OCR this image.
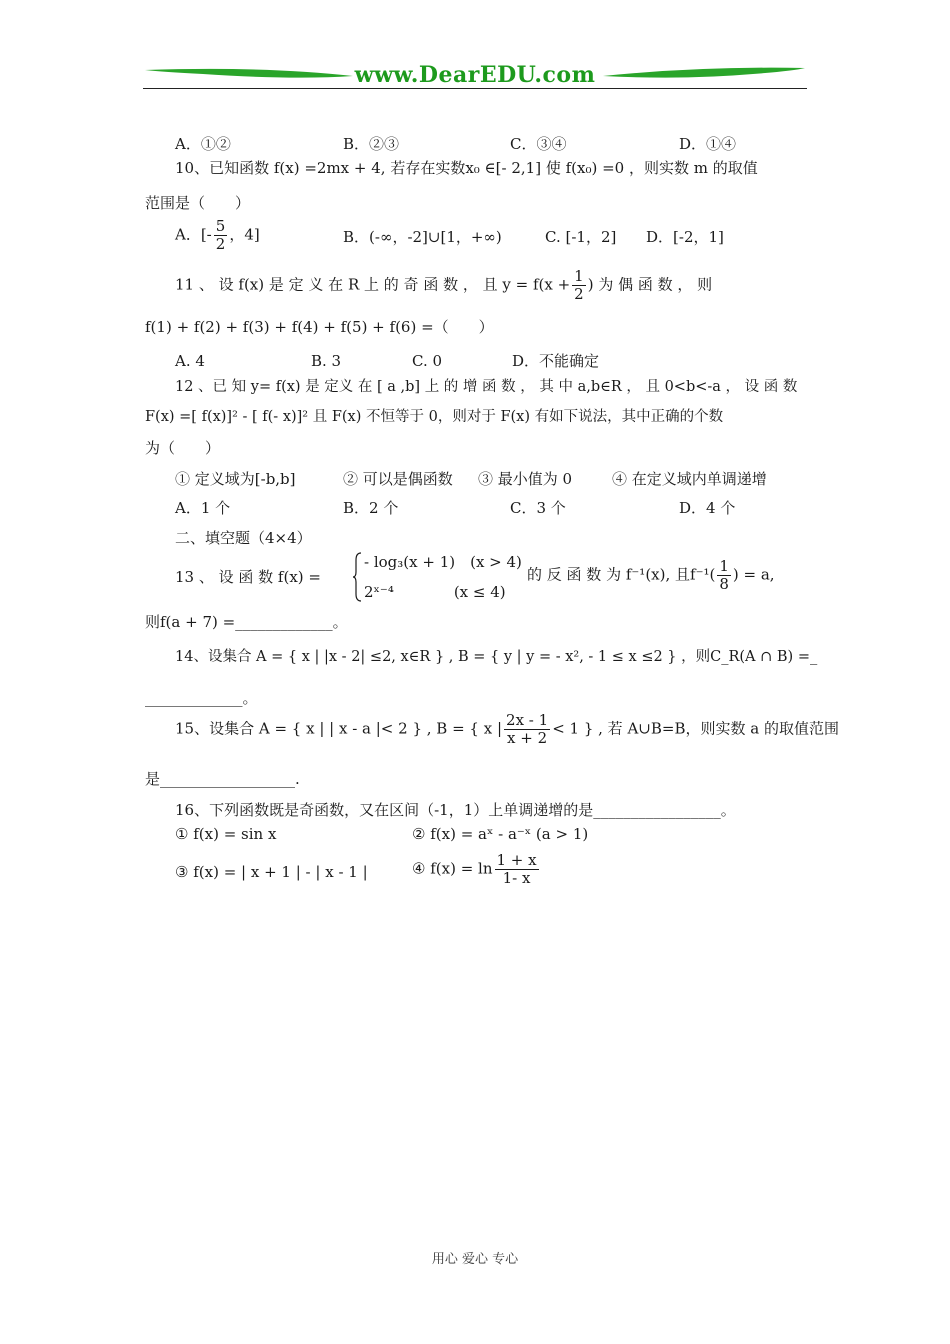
www.DearEDU.com
A．①②	B．②③	C．③④	D．①④
10、已知函数 f(x) =2mx + 4, 若存在实数x₀ ∈[- 2,1] 使 f(x₀) =0 ，则实数 m 的取值
范围是（　　）
A．[- $\frac{5}{2}$ ，4]	B．(-∞，-2]∪[1，+∞)	C. [-1，2] D．[-2，1]
11 、 设 f(x) 是 定 义 在 R 上 的 奇 函 数 ， 且 $y = f(x + \frac{1}{2}$ ) 为 偶 函 数 ， 则
f(1) + f(2) + f(3) + f(4) + f(5) + f(6) =（　　）
A. 4	B. 3	C. 0	D．不能确定
12 、已 知 y= f(x) 是 定义 在 [ a ,b] 上 的 增 函 数 ， 其 中 a,b∈R ， 且 0<b<-a ， 设 函 数
F(x) =[ f(x)]² - [ f(- x)]² 且 F(x) 不恒等于 0，则对于 F(x) 有如下说法，其中正确的个数
为（　　）
① 定义域为[-b,b]	② 可以是偶函数 ③ 最小值为 0	④ 在定义域内单调递增
A．1 个	B．2 个	C．3 个	D．4 个
二、填空题（4×4）
13 、 设 函 数 f(x) =
- log₃(x + 1)　(x > 4)
2ˣ⁻⁴　　　　(x ≤ 4)
的 反 函 数 为 f⁻¹(x), 且$f^{-1}( \frac{1}{8}$ ) = a,
则f(a + 7) =_____________。
14、设集合 A = { x | |x - 2| ≤2, x∈R } , B = { y | y = - x², - 1 ≤ x ≤2 } ，则C_R(A ∩ B) =_
_____________。
15、设集合 A = { x | | x - a |< 2 } , B = { x | $\frac{2x - 1}{x + 2} < 1$ } , 若 A∪B=B，则实数 a 的取值范围
是__________________.
16、下列函数既是奇函数，又在区间（-1，1）上单调递增的是_________________。
① f(x) = sin x	② f(x) = aˣ - a⁻ˣ (a > 1)
③ f(x) = | x + 1 | - | x - 1 |	④ $f(x) = \ln \frac{1 + x}{1- x}$
用心 爱心 专心
